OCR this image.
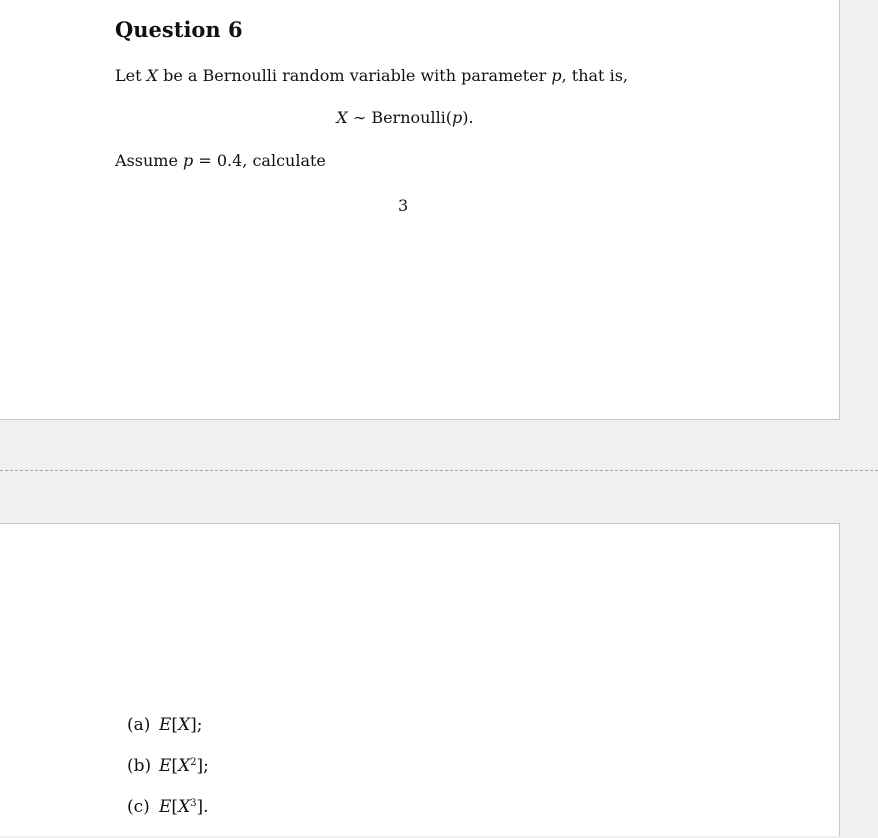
Question 6
Let X be a Bernoulli random variable with parameter p, that is,
X ∼ Bernoulli(p).
Assume p = 0.4, calculate
3
(a) E[X];
(b) $E[X^2]$;
(c) $E[X^3]$.
